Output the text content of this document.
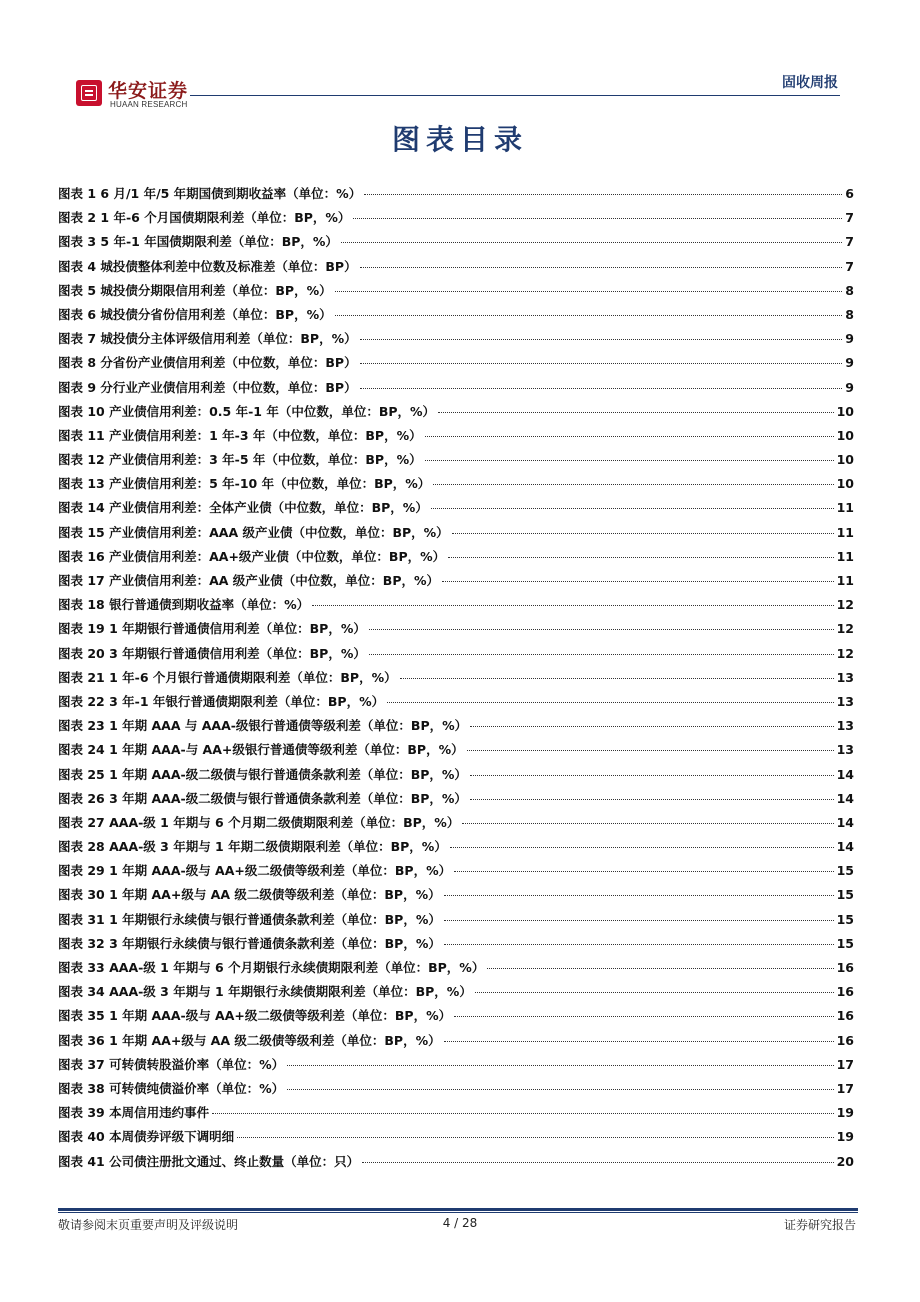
华安证券
HUAAN RESEARCH
固收周报
图表目录
图表 1 6 月/1 年/5 年期国债到期收益率（单位：%）	6
图表 2 1 年-6 个月国债期限利差（单位：BP，%）	7
图表 3 5 年-1 年国债期限利差（单位：BP，%）	7
图表 4 城投债整体利差中位数及标准差（单位：BP）	7
图表 5 城投债分期限信用利差（单位：BP，%）	8
图表 6 城投债分省份信用利差（单位：BP，%）	8
图表 7 城投债分主体评级信用利差（单位：BP，%）	9
图表 8 分省份产业债信用利差（中位数，单位：BP）	9
图表 9 分行业产业债信用利差（中位数，单位：BP）	9
图表 10 产业债信用利差：0.5 年-1 年（中位数，单位：BP，%）	10
图表 11 产业债信用利差：1 年-3 年（中位数，单位：BP，%）	10
图表 12 产业债信用利差：3 年-5 年（中位数，单位：BP，%）	10
图表 13 产业债信用利差：5 年-10 年（中位数，单位：BP，%）	10
图表 14 产业债信用利差：全体产业债（中位数，单位：BP，%）	11
图表 15 产业债信用利差：AAA 级产业债（中位数，单位：BP，%）	11
图表 16 产业债信用利差：AA+级产业债（中位数，单位：BP，%）	11
图表 17 产业债信用利差：AA 级产业债（中位数，单位：BP，%）	11
图表 18 银行普通债到期收益率（单位：%）	12
图表 19 1 年期银行普通债信用利差（单位：BP，%）	12
图表 20 3 年期银行普通债信用利差（单位：BP，%）	12
图表 21 1 年-6 个月银行普通债期限利差（单位：BP，%）	13
图表 22 3 年-1 年银行普通债期限利差（单位：BP，%）	13
图表 23 1 年期 AAA 与 AAA-级银行普通债等级利差（单位：BP，%）	13
图表 24 1 年期 AAA-与 AA+级银行普通债等级利差（单位：BP，%）	13
图表 25 1 年期 AAA-级二级债与银行普通债条款利差（单位：BP，%）	14
图表 26 3 年期 AAA-级二级债与银行普通债条款利差（单位：BP，%）	14
图表 27 AAA-级 1 年期与 6 个月期二级债期限利差（单位：BP，%）	14
图表 28 AAA-级 3 年期与 1 年期二级债期限利差（单位：BP，%）	14
图表 29 1 年期 AAA-级与 AA+级二级债等级利差（单位：BP，%）	15
图表 30 1 年期 AA+级与 AA 级二级债等级利差（单位：BP，%）	15
图表 31 1 年期银行永续债与银行普通债条款利差（单位：BP，%）	15
图表 32 3 年期银行永续债与银行普通债条款利差（单位：BP，%）	15
图表 33 AAA-级 1 年期与 6 个月期银行永续债期限利差（单位：BP，%）	16
图表 34 AAA-级 3 年期与 1 年期银行永续债期限利差（单位：BP，%）	16
图表 35 1 年期 AAA-级与 AA+级二级债等级利差（单位：BP，%）	16
图表 36 1 年期 AA+级与 AA 级二级债等级利差（单位：BP，%）	16
图表 37 可转债转股溢价率（单位：%）	17
图表 38 可转债纯债溢价率（单位：%）	17
图表 39 本周信用违约事件	19
图表 40 本周债券评级下调明细	19
图表 41 公司债注册批文通过、终止数量（单位：只）	20
敬请参阅末页重要声明及评级说明	4 / 28	证券研究报告
